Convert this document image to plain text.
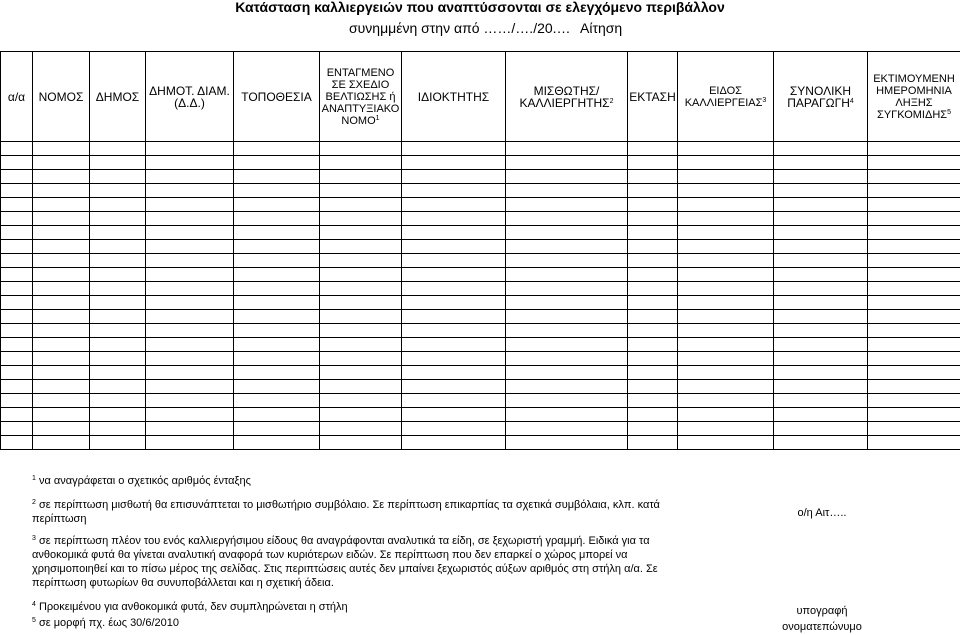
Κατάσταση καλλιεργειών που αναπτύσσονται σε ελεγχόμενο περιβάλλον
συνημμένη στην από ……/…./20.… Αίτηση
α/α	ΝΟΜΟΣ	ΔΗΜΟΣ	ΔΗΜΟΤ. ΔΙΑΜ. (Δ.Δ.)	ΤΟΠΟΘΕΣΙΑ	ΕΝΤΑΓΜΕΝΟ ΣΕ ΣΧΕΔΙΟ ΒΕΛΤΙΩΣΗΣ ή ΑΝΑΠΤΥΞΙΑΚΟ ΝΟΜΟ$^1$	ΙΔΙΟΚΤΗΤΗΣ	ΜΙΣΘΩΤΗΣ/ ΚΑΛΛΙΕΡΓΗΤΗΣ$^2$	ΕΚΤΑΣΗ	ΕΙΔΟΣ ΚΑΛΛΙΕΡΓΕΙΑΣ$^3$	ΣΥΝΟΛΙΚΗ ΠΑΡΑΓΩΓΗ$^4$	ΕΚΤΙΜΟΥΜΕΝΗ ΗΜΕΡΟΜΗΝΙΑ ΛΗΞΗΣ ΣΥΓΚΟΜΙΔΗΣ$^5$

$^1$ να αναγράφεται ο σχετικός αριθμός ένταξης

$^2$ σε περίπτωση μισθωτή θα επισυνάπτεται το μισθωτήριο συμβόλαιο. Σε περίπτωση επικαρπίας τα σχετικά συμβόλαια, κλπ. κατά περίπτωση

$^3$ σε περίπτωση πλέον του ενός καλλιεργήσιμου είδους θα αναγράφονται αναλυτικά τα είδη, σε ξεχωριστή γραμμή. Ειδικά για τα ανθοκομικά φυτά θα γίνεται αναλυτική αναφορά των κυριότερων ειδών. Σε περίπτωση που δεν επαρκεί ο χώρος μπορεί να χρησιμοποιηθεί και το πίσω μέρος της σελίδας. Στις περιπτώσεις αυτές δεν μπαίνει ξεχωριστός αύξων αριθμός στη στήλη α/α. Σε περίπτωση φυτωρίων θα συνυποβάλλεται και η σχετική άδεια.

$^4$ Προκειμένου για ανθοκομικά φυτά, δεν συμπληρώνεται η στήλη

$^5$ σε μορφή πχ. έως 30/6/2010

ο/η Αιτ…..
υπογραφή
ονοματεπώνυμο
